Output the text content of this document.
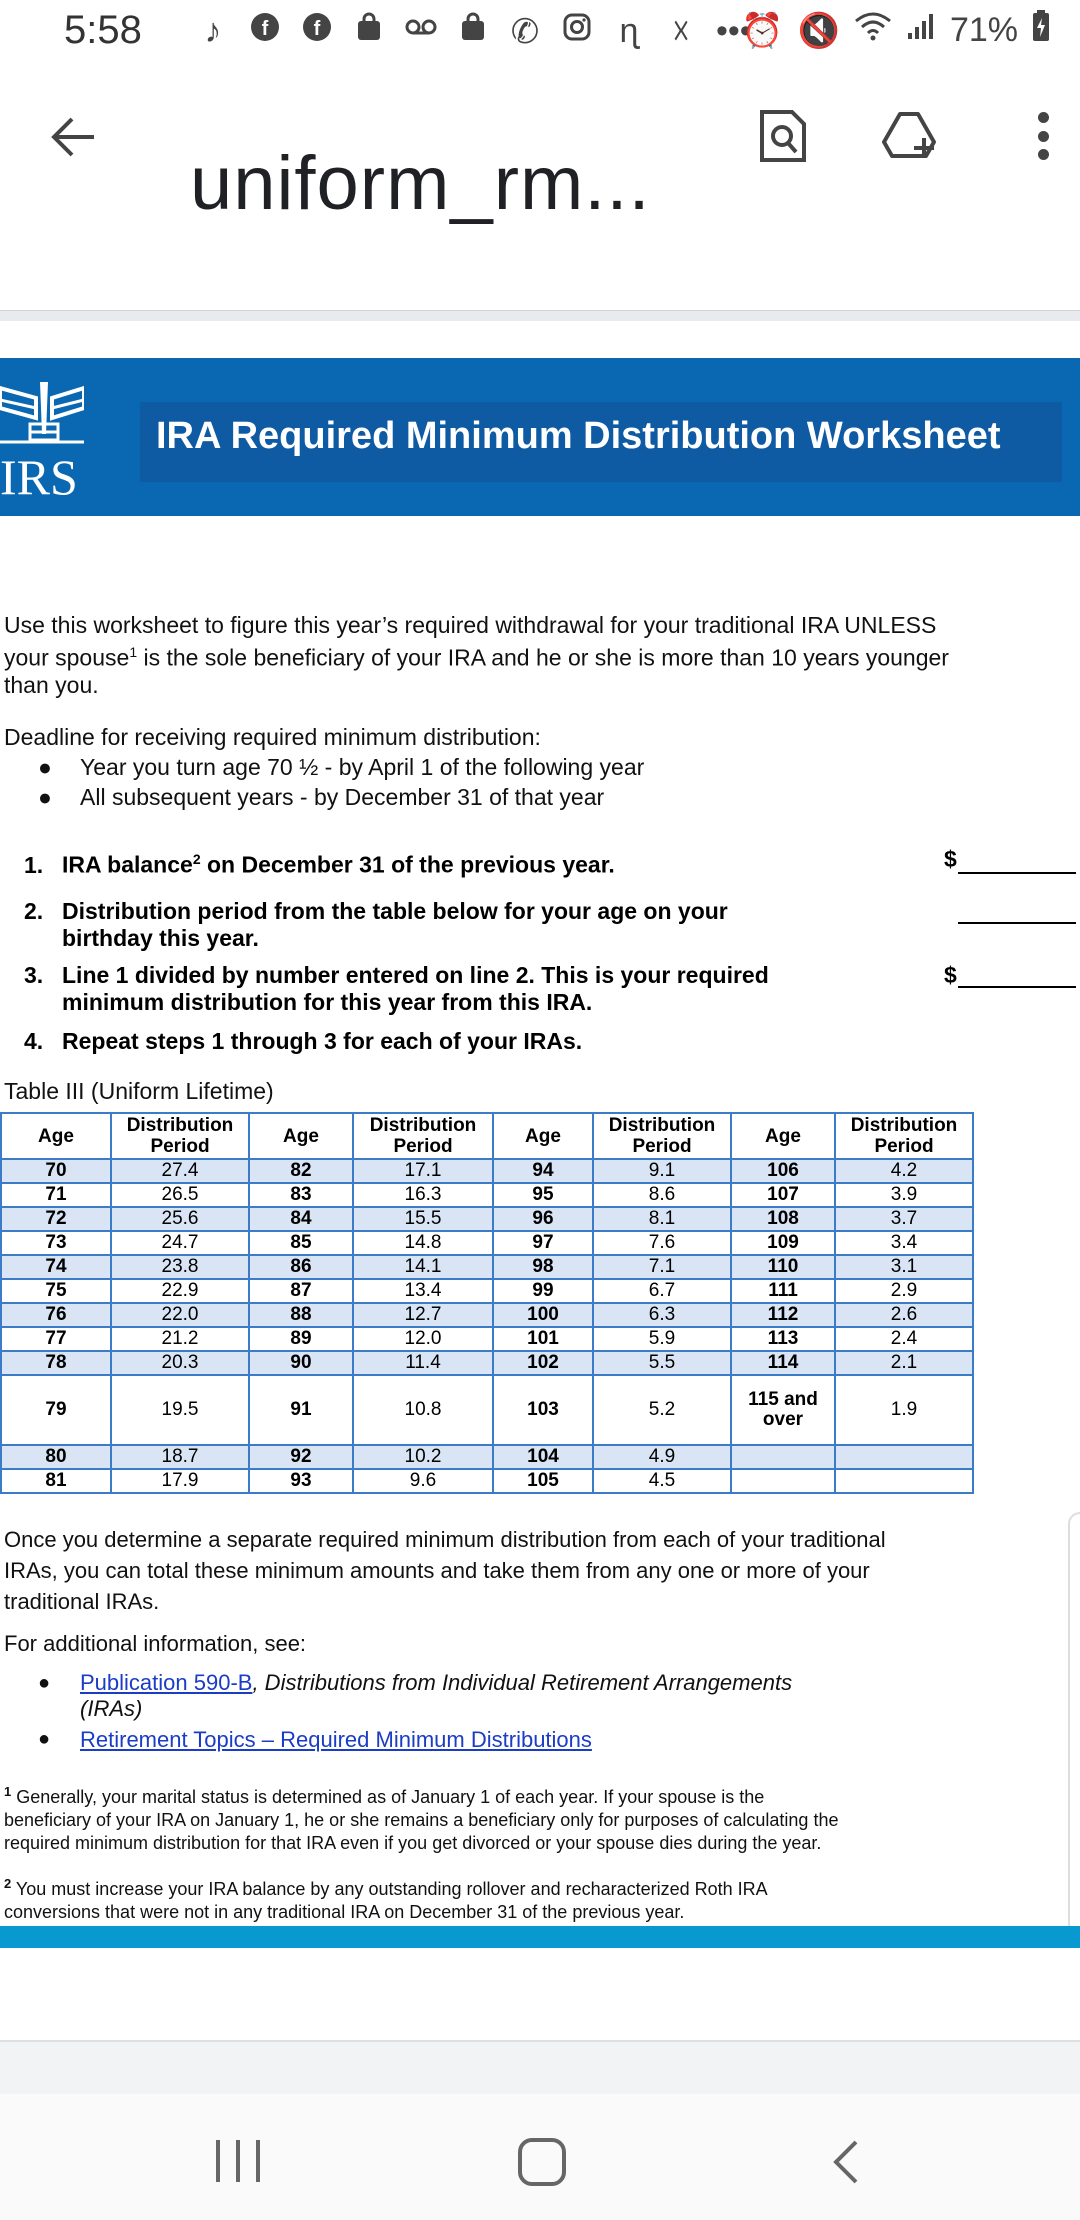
5:58 ♪	f f	✆ ɳ ☓ •••
⏰ 🔇	71%
uniform_rm...
IRS
IRA Required Minimum Distribution Worksheet
Use this worksheet to figure this year’s required withdrawal for your traditional IRA UNLESS
your spouse$^1$ is the sole beneficiary of your IRA and he or she is more than 10 years younger
than you.
Deadline for receiving required minimum distribution:
● Year you turn age 70 ½ - by April 1 of the following year
● All subsequent years - by December 31 of that year
1. IRA balance$^2$ on December 31 of the previous year.	$
2. Distribution period from the table below for your age on your
birthday this year.
3. Line 1 divided by number entered on line 2. This is your required
minimum distribution for this year from this IRA.
$
4. Repeat steps 1 through 3 for each of your IRAs.
Table III (Uniform Lifetime)
Age	Distribution Period	Age	Distribution Period	Age	Distribution Period	Age	Distribution Period
70	27.4	82	17.1	94	9.1	106	4.2
71	26.5	83	16.3	95	8.6	107	3.9
72	25.6	84	15.5	96	8.1	108	3.7
73	24.7	85	14.8	97	7.6	109	3.4
74	23.8	86	14.1	98	7.1	110	3.1
75	22.9	87	13.4	99	6.7	111	2.9
76	22.0	88	12.7	100	6.3	112	2.6
77	21.2	89	12.0	101	5.9	113	2.4
78	20.3	90	11.4	102	5.5	114	2.1
79	19.5	91	10.8	103	5.2	115 and over	1.9
80	18.7	92	10.2	104	4.9		
81	17.9	93	9.6	105	4.5		
Once you determine a separate required minimum distribution from each of your traditional
IRAs, you can total these minimum amounts and take them from any one or more of your
traditional IRAs.
For additional information, see:
● Publication 590-B, Distributions from Individual Retirement Arrangements
(IRAs)
● Retirement Topics – Required Minimum Distributions
$^1$ Generally, your marital status is determined as of January 1 of each year. If your spouse is the
beneficiary of your IRA on January 1, he or she remains a beneficiary only for purposes of calculating the
required minimum distribution for that IRA even if you get divorced or your spouse dies during the year.
$^2$ You must increase your IRA balance by any outstanding rollover and recharacterized Roth IRA
conversions that were not in any traditional IRA on December 31 of the previous year.
